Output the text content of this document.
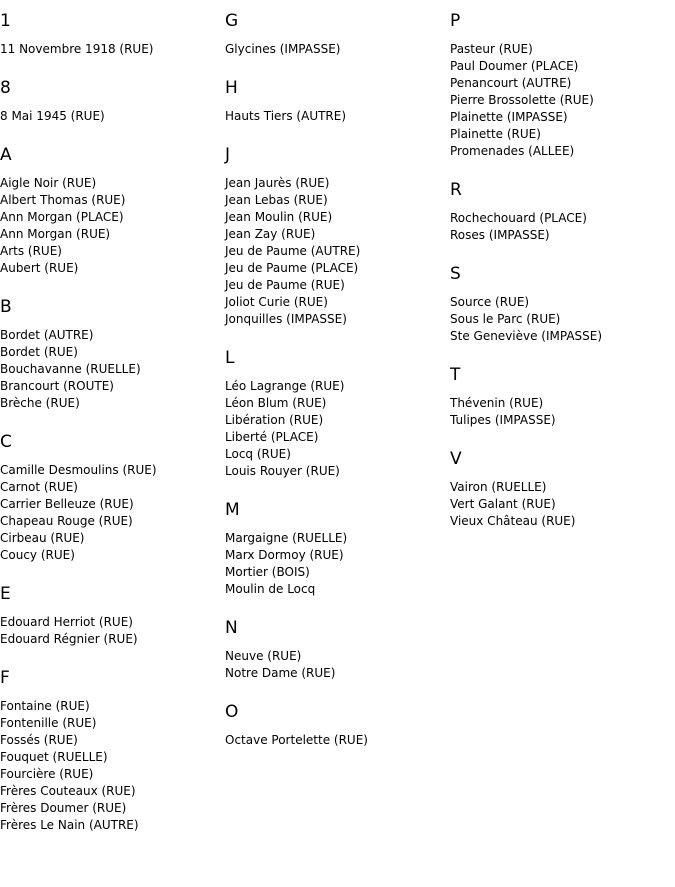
1
11 Novembre 1918 (RUE)
8
8 Mai 1945 (RUE)
A
Aigle Noir (RUE)
Albert Thomas (RUE)
Ann Morgan (PLACE)
Ann Morgan (RUE)
Arts (RUE)
Aubert (RUE)
B
Bordet (AUTRE)
Bordet (RUE)
Bouchavanne (RUELLE)
Brancourt (ROUTE)
Brèche (RUE)
C
Camille Desmoulins (RUE)
Carnot (RUE)
Carrier Belleuze (RUE)
Chapeau Rouge (RUE)
Cirbeau (RUE)
Coucy (RUE)
E
Edouard Herriot (RUE)
Edouard Régnier (RUE)
F
Fontaine (RUE)
Fontenille (RUE)
Fossés (RUE)
Fouquet (RUELLE)
Fourcière (RUE)
Frères Couteaux (RUE)
Frères Doumer (RUE)
Frères Le Nain (AUTRE)
G
Glycines (IMPASSE)
H
Hauts Tiers (AUTRE)
J
Jean Jaurès (RUE)
Jean Lebas (RUE)
Jean Moulin (RUE)
Jean Zay (RUE)
Jeu de Paume (AUTRE)
Jeu de Paume (PLACE)
Jeu de Paume (RUE)
Joliot Curie (RUE)
Jonquilles (IMPASSE)
L
Léo Lagrange (RUE)
Léon Blum (RUE)
Libération (RUE)
Liberté (PLACE)
Locq (RUE)
Louis Rouyer (RUE)
M
Margaigne (RUELLE)
Marx Dormoy (RUE)
Mortier (BOIS)
Moulin de Locq
N
Neuve (RUE)
Notre Dame (RUE)
O
Octave Portelette (RUE)
P
Pasteur (RUE)
Paul Doumer (PLACE)
Penancourt (AUTRE)
Pierre Brossolette (RUE)
Plainette (IMPASSE)
Plainette (RUE)
Promenades (ALLEE)
R
Rochechouard (PLACE)
Roses (IMPASSE)
S
Source (RUE)
Sous le Parc (RUE)
Ste Geneviève (IMPASSE)
T
Thévenin (RUE)
Tulipes (IMPASSE)
V
Vairon (RUELLE)
Vert Galant (RUE)
Vieux Château (RUE)
